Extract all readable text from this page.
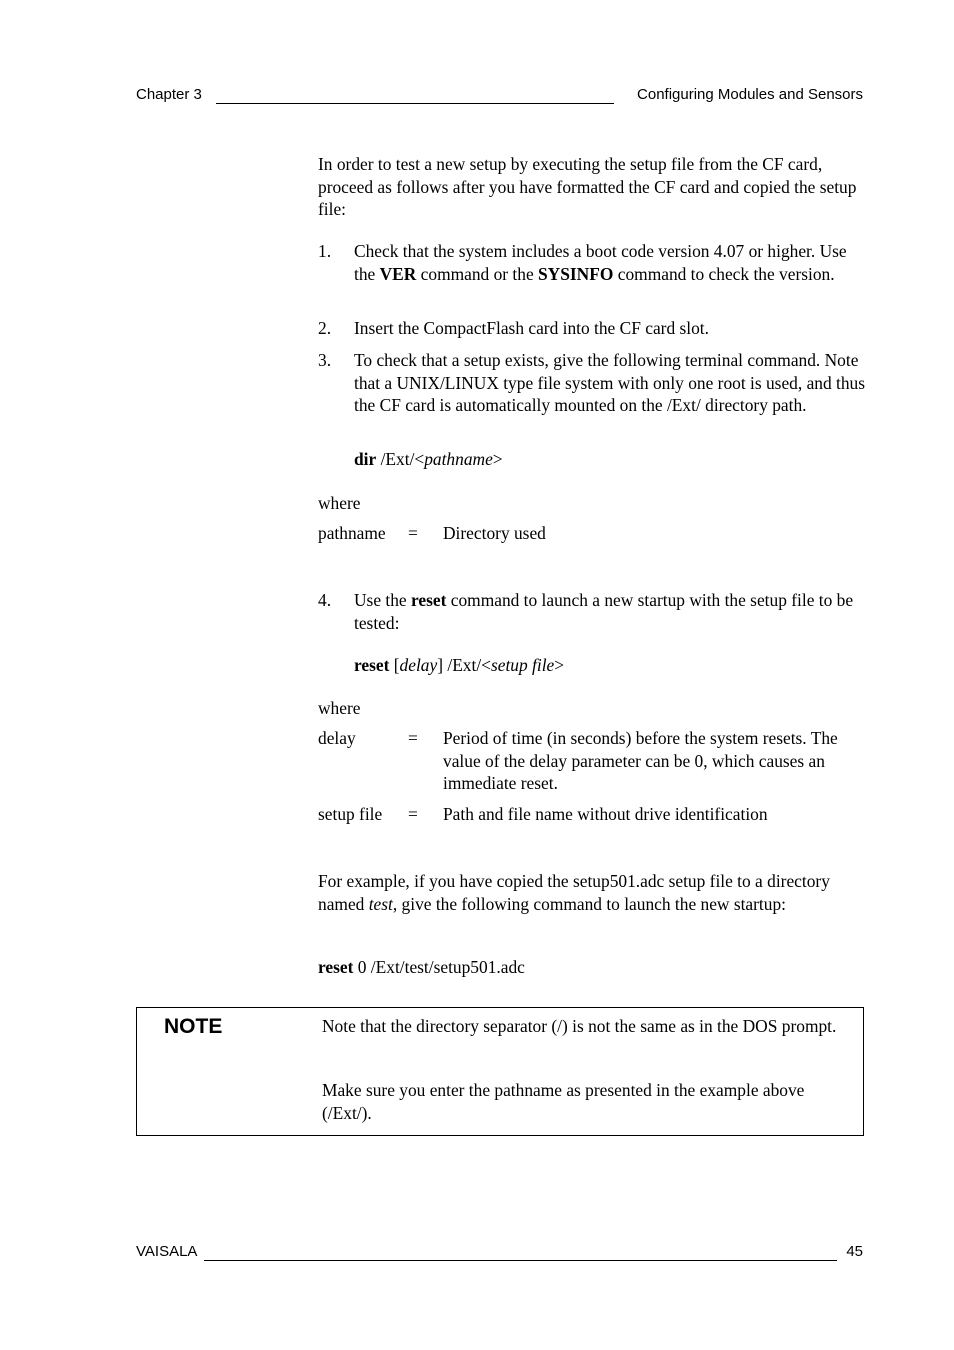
Chapter 3	Configuring Modules and Sensors
In order to test a new setup by executing the setup file from the CF card, proceed as follows after you have formatted the CF card and copied the setup file:
1. Check that the system includes a boot code version 4.07 or higher. Use the VER command or the SYSINFO command to check the version.
2. Insert the CompactFlash card into the CF card slot.
3. To check that a setup exists, give the following terminal command. Note that a UNIX/LINUX type file system with only one root is used, and thus the CF card is automatically mounted on the /Ext/ directory path.
dir /Ext/<pathname>
where
pathname = Directory used
4. Use the reset command to launch a new startup with the setup file to be tested:
reset [delay] /Ext/<setup file>
where
delay	= Period of time (in seconds) before the system resets. The value of the delay parameter can be 0, which causes an immediate reset.
setup file = Path and file name without drive identification
For example, if you have copied the setup501.adc setup file to a directory named test, give the following command to launch the new startup:
reset 0 /Ext/test/setup501.adc
NOTE	Note that the directory separator (/) is not the same as in the DOS prompt.
Make sure you enter the pathname as presented in the example above (/Ext/).
VAISALA	45
